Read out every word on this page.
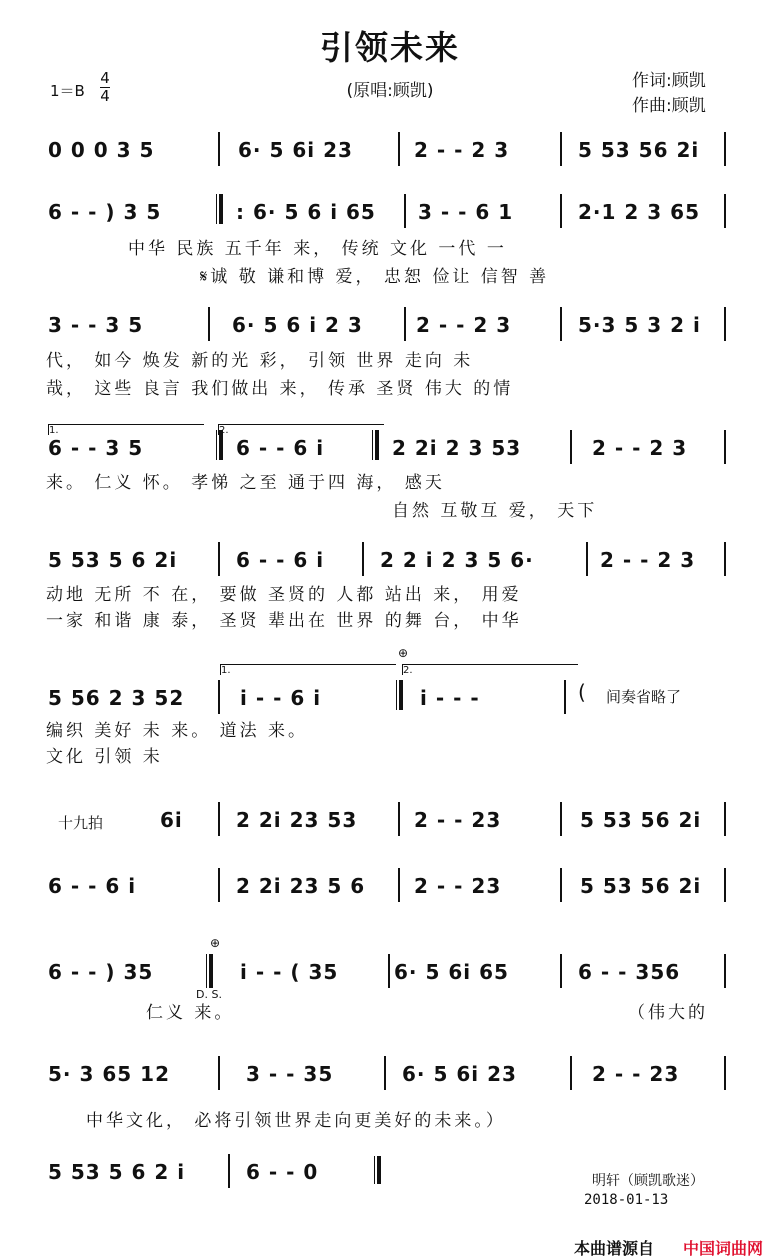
引领未来
(原唱:顾凯)
1＝B
4
4
作词:顾凯
作曲:顾凯
0 0 0 3 5	6· 5 6i 23	2 - - 2 3	5 53 56 2i
6 - - ) 3 5	: 6· 5 6 i 65 3 - - 6 1	2·1 2 3 65
中华 民族 五千年 来， 传统 文化 一代 一
𝄋诚 敬 谦和博 爱， 忠恕 俭让 信智 善
3 - - 3 5	6· 5 6 i 2 3	2 - - 2 3	5·3 5 3 2 i
代， 如今 焕发 新的光 彩， 引领 世界 走向 未
哉， 这些 良言 我们做出 来， 传承 圣贤 伟大 的情
6 - - 3 5	6 - - 6 i	2 2i 2 3 53	2 - - 2 3
来。 仁义 怀。 孝悌 之至 通于四 海， 感天
自然 互敬互 爱， 天下
5 53 5 6 2i	6 - - 6 i	2 2 i 2 3 5 6·	2 - - 2 3
动地 无所 不 在， 要做 圣贤的 人都 站出 来， 用爱
一家 和谐 康 泰， 圣贤 辈出在 世界 的舞 台， 中华
5 56 2 3 52	i - - 6 i	i - - -
编织 美好 未 来。 道法 来。
文化 引领 未
6i	2 2i 23 53	2 - - 23	5 53 56 2i
6 - - 6 i	2 2i 23 5 6 2 - - 23	5 53 56 2i
6 - - ) 35	i - - ( 35	6· 5 6i 65	6 - - 356
仁义 来。	（伟大的
5· 3 65 12	3 - - 35	6· 5 6i 23	2 - - 23
中华文化， 必将引领世界走向更美好的未来。）
5 53 5 6 2 i	6 - - 0
1.	2.
1.	2.
⊕
( 间奏省略了
十九拍
⊕
D. S.
明轩（顾凯歌迷）
2018-01-13
本曲谱源自 中国词曲网
